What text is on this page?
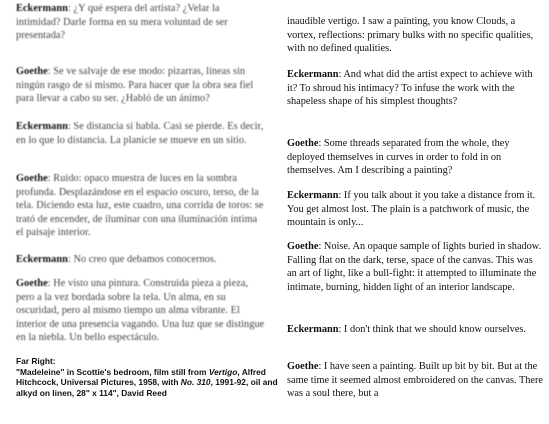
Eckermann: ¿Y qué espera del artista? ¿Velar la intimidad? Darle forma en su mera voluntad de ser presentada?

Goethe: Se ve salvaje de ese modo: pizarras, líneas sin ningún rasgo de sí mismo. Para hacer que la obra sea fiel para llevar a cabo su ser. ¿Habló de un ánimo?

Eckermann: Se distancia si habla. Casi se pierde. Es decir, en lo que lo distancia. La planicie se mueve en un sitio.

Goethe: Ruido: opaco muestra de luces en la sombra profunda. Desplazándose en el espacio oscuro, terso, de la tela. Diciendo esta luz, este cuadro, una corrida de toros: se trató de encender, de iluminar con una iluminación íntima el paisaje interior.

Eckermann: No creo que debamos conocernos.

Goethe: He visto una pintura. Construida pieza a pieza, pero a la vez bordada sobre la tela. Un alma, en su oscuridad, pero al mismo tiempo un alma vibrante. El interior de una presencia vagando. Una luz que se distingue en la niebla. Un bello espectáculo.

Far Right:
"Madeleine" in Scottie's bedroom, film still from Vertigo, Alfred Hitchcock, Universal Pictures, 1958, with No. 310, 1991-92, oil and alkyd on linen, 28" x 114", David Reed

inaudible vertigo. I saw a painting, you know Clouds, a vortex, reflections: primary bulks with no specific qualities, with no defined qualities.

Eckermann: And what did the artist expect to achieve with it? To shroud his intimacy? To infuse the work with the shapeless shape of his simplest thoughts?

Goethe: Some threads separated from the whole, they deployed themselves in curves in order to fold in on themselves. Am I describing a painting?

Eckermann: If you talk about it you take a distance from it. You get almost lost. The plain is a patchwork of music, the mountain is only...

Goethe: Noise. An opaque sample of lights buried in shadow. Falling flat on the dark, terse, space of the canvas. This was an art of light, like a bull-fight: it attempted to illuminate the intimate, burning, hidden light of an interior landscape.

Eckermann: I don't think that we should know ourselves.

Goethe: I have seen a painting. Built up bit by bit. But at the same time it seemed almost embroidered on the canvas. There was a soul there, but a
